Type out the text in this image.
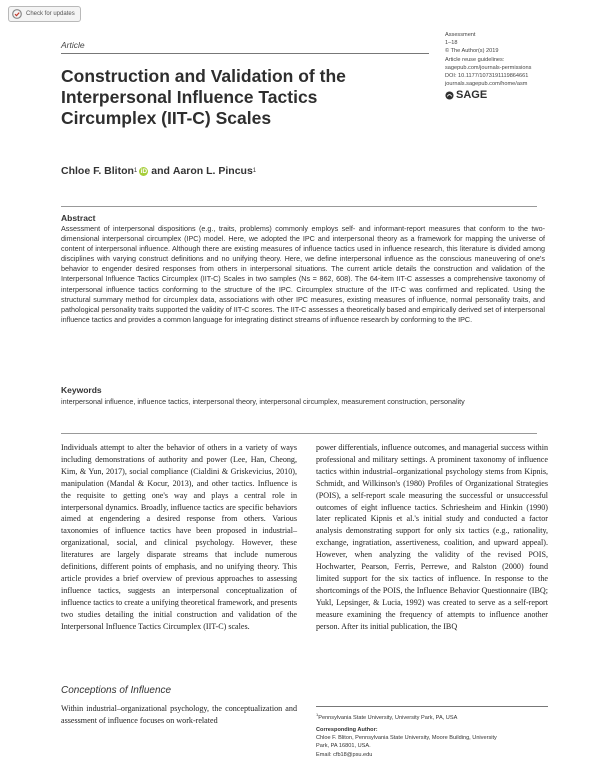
Check for updates
Article
Construction and Validation of the Interpersonal Influence Tactics Circumplex (IIT-C) Scales
Assessment
1–18
© The Author(s) 2019
Article reuse guidelines:
sagepub.com/journals-permissions
DOI: 10.1177/1073191119864661
journals.sagepub.com/home/asm
SAGE
Chloe F. Bliton 1 iD and
Aaron L. Pincus 1
Abstract
Assessment of interpersonal dispositions (e.g., traits, problems) commonly employs self- and informant-report measures that conform to the two-dimensional interpersonal circumplex (IPC) model. Here, we adopted the IPC and interpersonal theory as a framework for mapping the universe of content of interpersonal influence. Although there are existing measures of influence tactics used in influence research, this literature is divided among disciplines with varying construct definitions and no unifying theory. Here, we define interpersonal influence as the conscious maneuvering of one's behavior to engender desired responses from others in interpersonal situations. The current article details the construction and validation of the Interpersonal Influence Tactics Circumplex (IIT-C) Scales in two samples (Ns = 862, 608). The 64-item IIT-C assesses a comprehensive taxonomy of interpersonal influence tactics conforming to the structure of the IPC. Circumplex structure of the IIT-C was confirmed and replicated. Using the structural summary method for circumplex data, associations with other IPC measures, existing measures of influence, normal personality traits, and pathological personality traits supported the validity of IIT-C scores. The IIT-C assesses a theoretically based and empirically derived set of interpersonal influence tactics and provides a common language for integrating distinct streams of influence research by conforming to the IPC.
Keywords
interpersonal influence, influence tactics, interpersonal theory, interpersonal circumplex, measurement construction, personality

Individuals attempt to alter the behavior of others in a variety of ways including demonstrations of authority and power (Lee, Han, Cheong, Kim, & Yun, 2017), social compliance (Cialdini & Griskevicius, 2010), manipulation (Mandal & Kocur, 2013), and other tactics. Influence is the requisite to getting one's way and plays a central role in interpersonal dynamics. Broadly, influence tactics are specific behaviors aimed at engendering a desired response from others. Various taxonomies of influence tactics have been proposed in industrial–organizational, social, and clinical psychology. However, these literatures are largely disparate streams that include numerous definitions, different points of emphasis, and no unifying theory. This article provides a brief overview of previous approaches to assessing influence tactics, suggests an interpersonal conceptualization of influence tactics to create a unifying theoretical framework, and presents two studies detailing the initial construction and validation of the Interpersonal Influence Tactics Circumplex (IIT-C) scales.

Conceptions of Influence

Within industrial–organizational psychology, the conceptualization and assessment of influence focuses on work-related

power differentials, influence outcomes, and managerial success within professional and military settings. A prominent taxonomy of influence tactics within industrial–organizational psychology stems from Kipnis, Schmidt, and Wilkinson's (1980) Profiles of Organizational Strategies (POIS), a self-report scale measuring the successful or unsuccessful outcomes of eight influence tactics. Schriesheim and Hinkin (1990) later replicated Kipnis et al.'s initial study and conducted a factor analysis demonstrating support for only six tactics (e.g., rationality, exchange, ingratiation, assertiveness, coalition, and upward appeal). However, when analyzing the validity of the revised POIS, Hochwarter, Pearson, Ferris, Perrewe, and Ralston (2000) found limited support for the six tactics of influence. In response to the shortcomings of the POIS, the Influence Behavior Questionnaire (IBQ; Yukl, Lepsinger, & Lucia, 1992) was created to serve as a self-report measure examining the frequency of attempts to influence another person. After its initial publication, the IBQ

$^1$Pennsylvania State University, University Park, PA, USA
Corresponding Author:
Chloe F. Bliton, Pennsylvania State University, Moore Building, University
Park, PA 16801, USA.
Email: cfb18@psu.edu
